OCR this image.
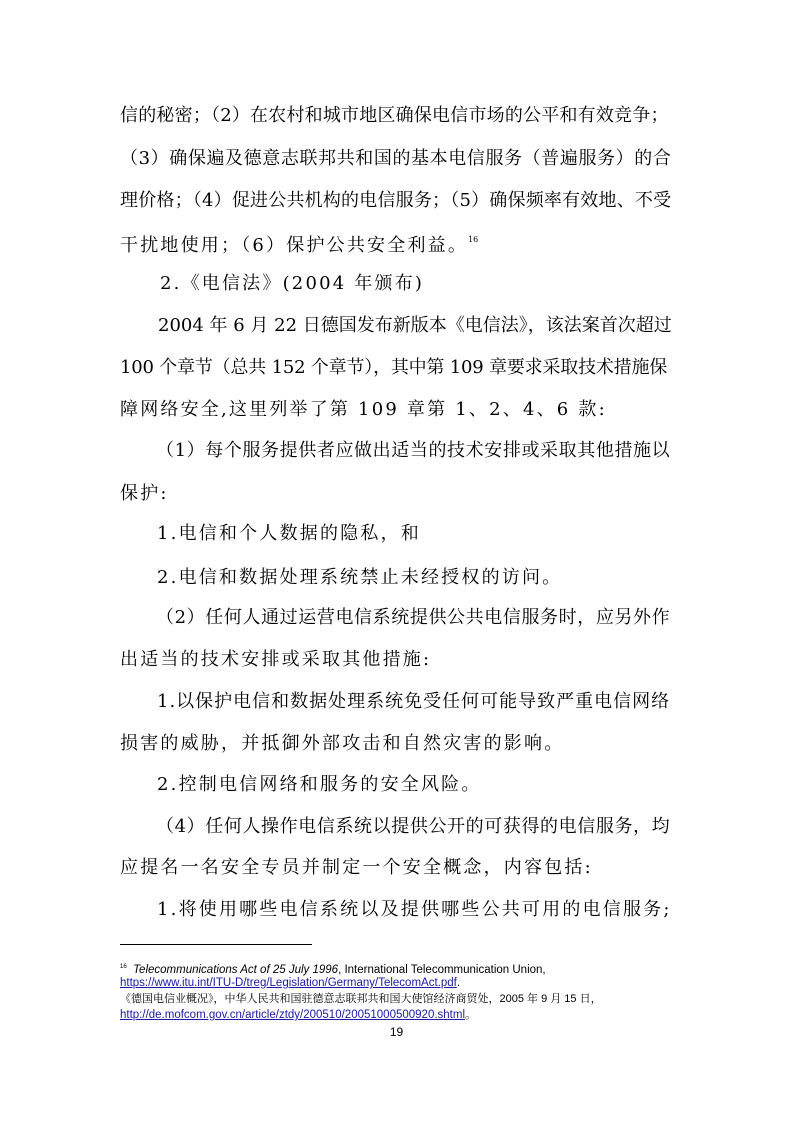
信的秘密；（2）在农村和城市地区确保电信市场的公平和有效竞争；

（3）确保遍及德意志联邦共和国的基本电信服务（普遍服务）的合

理价格；（4）促进公共机构的电信服务；（5）确保频率有效地、不受

干扰地使用；（6）保护公共安全利益。$^{16}$

2.《电信法》(2004 年颁布)

2004 年 6 月 22 日德国发布新版本《电信法》，该法案首次超过

100 个章节（总共 152 个章节），其中第 109 章要求采取技术措施保

障网络安全,这里列举了第 109 章第 1、2、4、6 款:

（1）每个服务提供者应做出适当的技术安排或采取其他措施以

保护:

1.电信和个人数据的隐私，和

2.电信和数据处理系统禁止未经授权的访问。

（2）任何人通过运营电信系统提供公共电信服务时，应另外作

出适当的技术安排或采取其他措施:

1.以保护电信和数据处理系统免受任何可能导致严重电信网络

损害的威胁，并抵御外部攻击和自然灾害的影响。

2.控制电信网络和服务的安全风险。

（4）任何人操作电信系统以提供公开的可获得的电信服务，均

应提名一名安全专员并制定一个安全概念，内容包括:

1.将使用哪些电信系统以及提供哪些公共可用的电信服务;

$^{16}$ Telecommunications Act of 25 July 1996, International Telecommunication Union,

https://www.itu.int/ITU-D/treg/Legislation/Germany/TelecomAct.pdf.

《德国电信业概况》，中华人民共和国驻德意志联邦共和国大使馆经济商贸处，2005 年 9 月 15 日，

http://de.mofcom.gov.cn/article/ztdy/200510/20051000500920.shtml。

19
